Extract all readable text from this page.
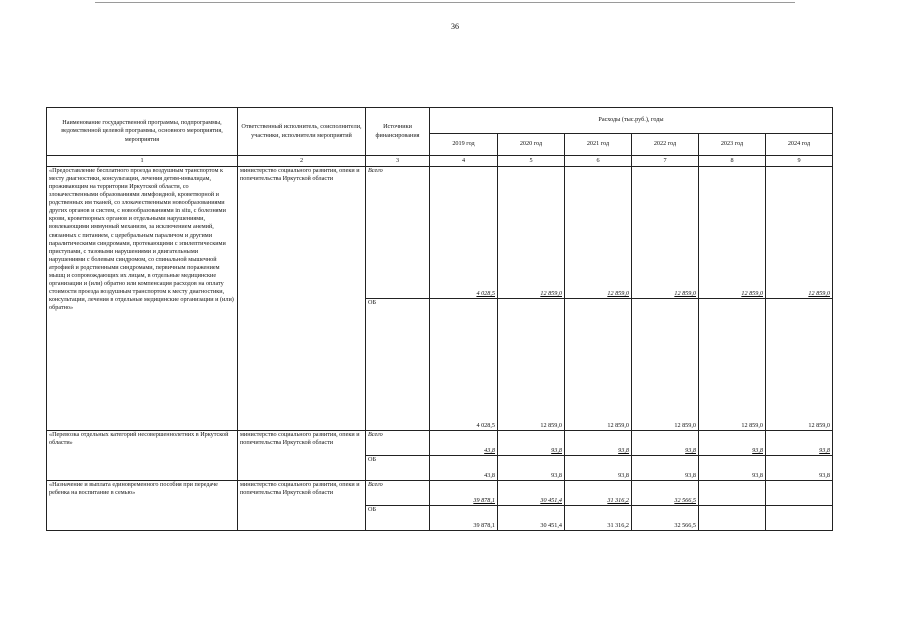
36
Наименование государственной программы, подпрограммы, ведомственной целевой программы, основного мероприятия, мероприятия	Ответственный исполнитель, соисполнители, участники, исполнители мероприятий	Источники финансирования	Расходы (тыс.руб.), годы					
			2019 год	2020 год	2021 год	2022 год	2023 год	2024 год
1	2	3	4	5	6	7	8	9
«Предоставление бесплатного проезда воздушным транспортом к месту диагностики, консультации, лечения детям-инвалидам, проживающим на территории Иркутской области, со злокачественными образованиями лимфоидной, кроветворной и родственных им тканей, со злокачественными новообразованиями других органов и систем, с новообразованиями in situ, с болезнями крови, кроветворных органов и отдельными нарушениями, вовлекающими иммунный механизм, за исключением анемий, связанных с питанием, с церебральным параличом и другими паралитическими синдромами, протекающими с эпилептическими приступами, с тазовыми нарушениями и двигательными нарушениями с болевым синдромом, со спинальной мышечной атрофией и родственными синдромами, первичным поражением мышц и сопровождающих их лицам, в отдельные медицинские организации и (или) обратно или компенсация расходов на оплату стоимости проезда воздушным транспортом к месту диагностики, консультации, лечения в отдельные медицинские организации и (или) обратно»	министерство социального развития, опеки и попечительства Иркутской области	Всего	4 028,5	12 859,0	12 859,0	12 859,0	12 859,0	12 859,0
		ОБ	4 028,5	12 859,0	12 859,0	12 859,0	12 859,0	12 859,0
«Перевозка отдельных категорий несовершеннолетних в Иркутской области»	министерство социального развития, опеки и попечительства Иркутской области	Всего	43,8	93,8	93,8	93,8	93,8	93,8
		ОБ	43,8	93,8	93,8	93,8	93,8	93,8
«Назначение и выплата единовременного пособия при передаче ребенка на воспитание в семью»	министерство социального развития, опеки и попечительства Иркутской области	Всего	39 878,1	30 451,4	31 316,2	32 566,5		
		ОБ	39 878,1	30 451,4	31 316,2	32 566,5		
